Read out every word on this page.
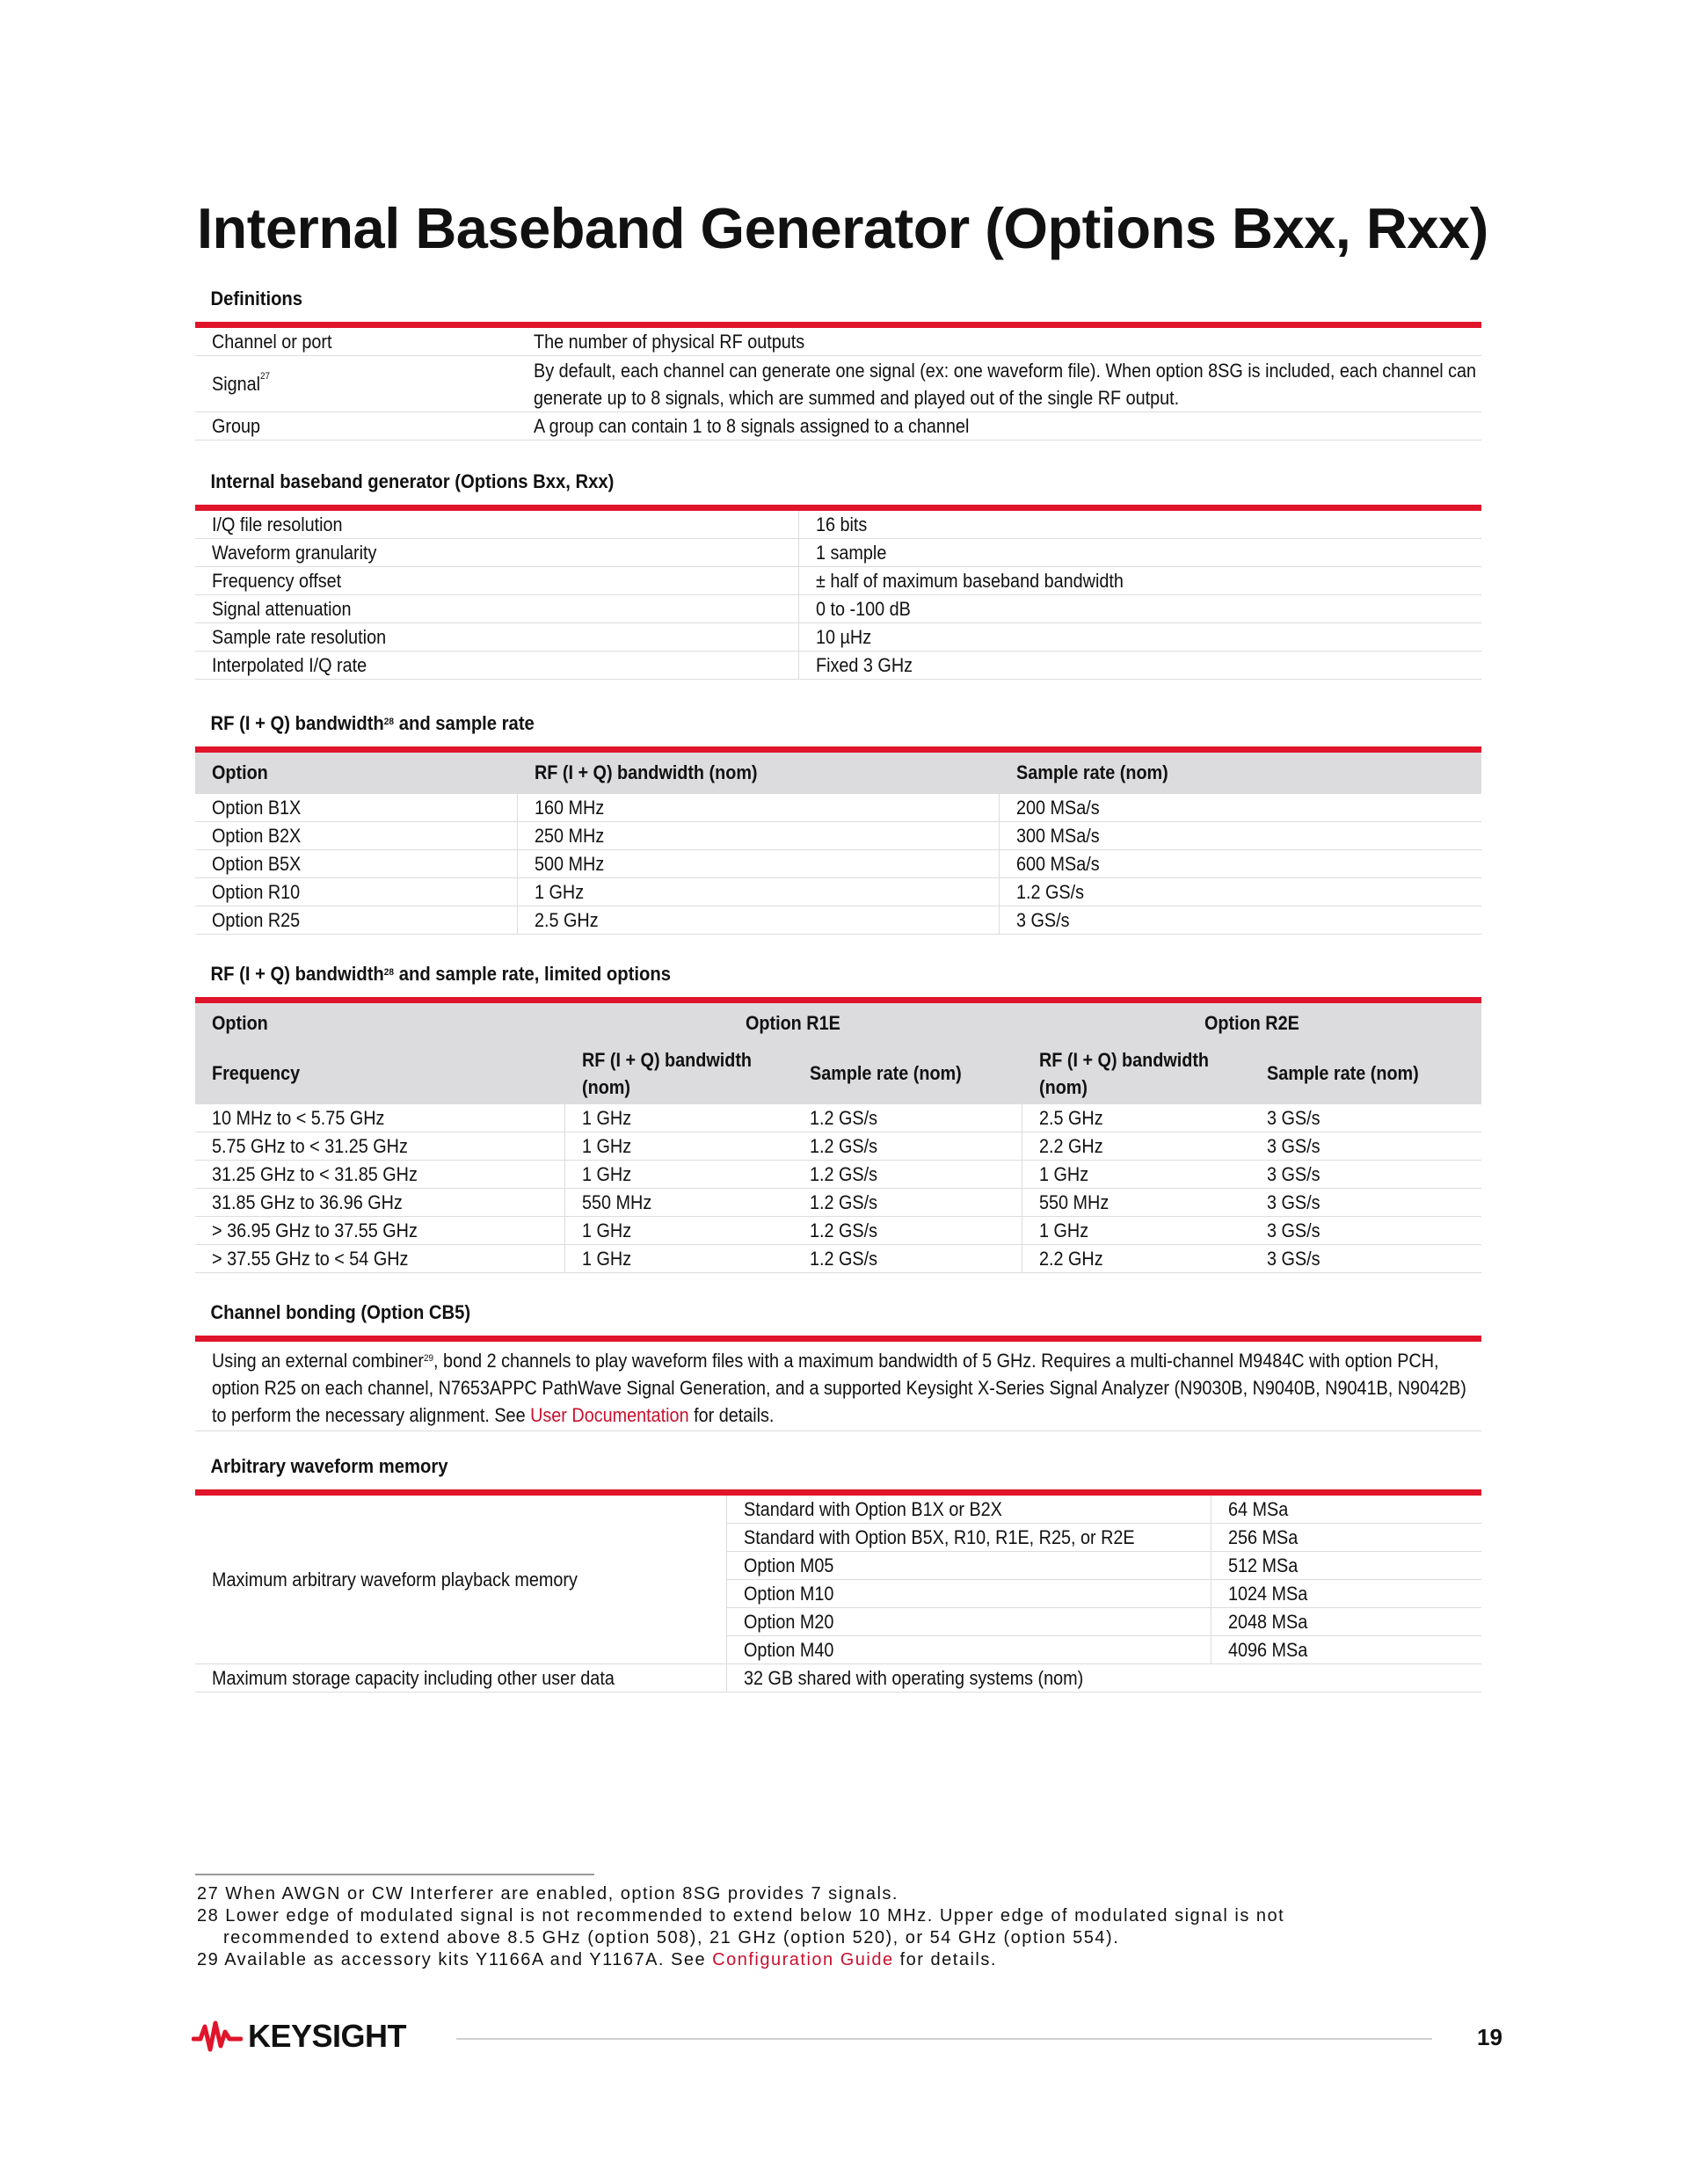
Internal Baseband Generator (Options Bxx, Rxx)
Definitions
Channel or port	The number of physical RF outputs
Signal$^{27}$	By default, each channel can generate one signal (ex: one waveform file). When option 8SG is included, each channel can generate up to 8 signals, which are summed and played out of the single RF output.
Group	A group can contain 1 to 8 signals assigned to a channel
Internal baseband generator (Options Bxx, Rxx)
I/Q file resolution	16 bits
Waveform granularity	1 sample
Frequency offset	± half of maximum baseband bandwidth
Signal attenuation	0 to -100 dB
Sample rate resolution	10 µHz
Interpolated I/Q rate	Fixed 3 GHz
RF (I + Q) bandwidth$^{28}$ and sample rate
Option	RF (I + Q) bandwidth (nom)	Sample rate (nom)
Option B1X	160 MHz	200 MSa/s
Option B2X	250 MHz	300 MSa/s
Option B5X	500 MHz	600 MSa/s
Option R10	1 GHz	1.2 GS/s
Option R25	2.5 GHz	3 GS/s
RF (I + Q) bandwidth$^{28}$ and sample rate, limited options
Option	Option R1E		Option R2E	
Frequency	RF (I + Q) bandwidth (nom)	Sample rate (nom)	RF (I + Q) bandwidth (nom)	Sample rate (nom)
10 MHz to < 5.75 GHz	1 GHz	1.2 GS/s	2.5 GHz	3 GS/s
5.75 GHz to < 31.25 GHz	1 GHz	1.2 GS/s	2.2 GHz	3 GS/s
31.25 GHz to < 31.85 GHz	1 GHz	1.2 GS/s	1 GHz	3 GS/s
31.85 GHz to 36.96 GHz	550 MHz	1.2 GS/s	550 MHz	3 GS/s
> 36.95 GHz to 37.55 GHz	1 GHz	1.2 GS/s	1 GHz	3 GS/s
> 37.55 GHz to < 54 GHz	1 GHz	1.2 GS/s	2.2 GHz	3 GS/s
Channel bonding (Option CB5)
Using an external combiner$^{29}$, bond 2 channels to play waveform files with a maximum bandwidth of 5 GHz. Requires a multi-channel M9484C with option PCH, option R25 on each channel, N7653APPC PathWave Signal Generation, and a supported Keysight X-Series Signal Analyzer (N9030B, N9040B, N9041B, N9042B) to perform the necessary alignment. See User Documentation for details.
Arbitrary waveform memory
Maximum arbitrary waveform playback memory	Standard with Option B1X or B2X	64 MSa
	Standard with Option B5X, R10, R1E, R25, or R2E	256 MSa
	Option M05	512 MSa
	Option M10	1024 MSa
	Option M20	2048 MSa
	Option M40	4096 MSa
Maximum storage capacity including other user data	32 GB shared with operating systems (nom)	
27 When AWGN or CW Interferer are enabled, option 8SG provides 7 signals.
28 Lower edge of modulated signal is not recommended to extend below 10 MHz. Upper edge of modulated signal is not
recommended to extend above 8.5 GHz (option 508), 21 GHz (option 520), or 54 GHz (option 554).
29 Available as accessory kits Y1166A and Y1167A. See Configuration Guide for details.
KEYSIGHT	19
